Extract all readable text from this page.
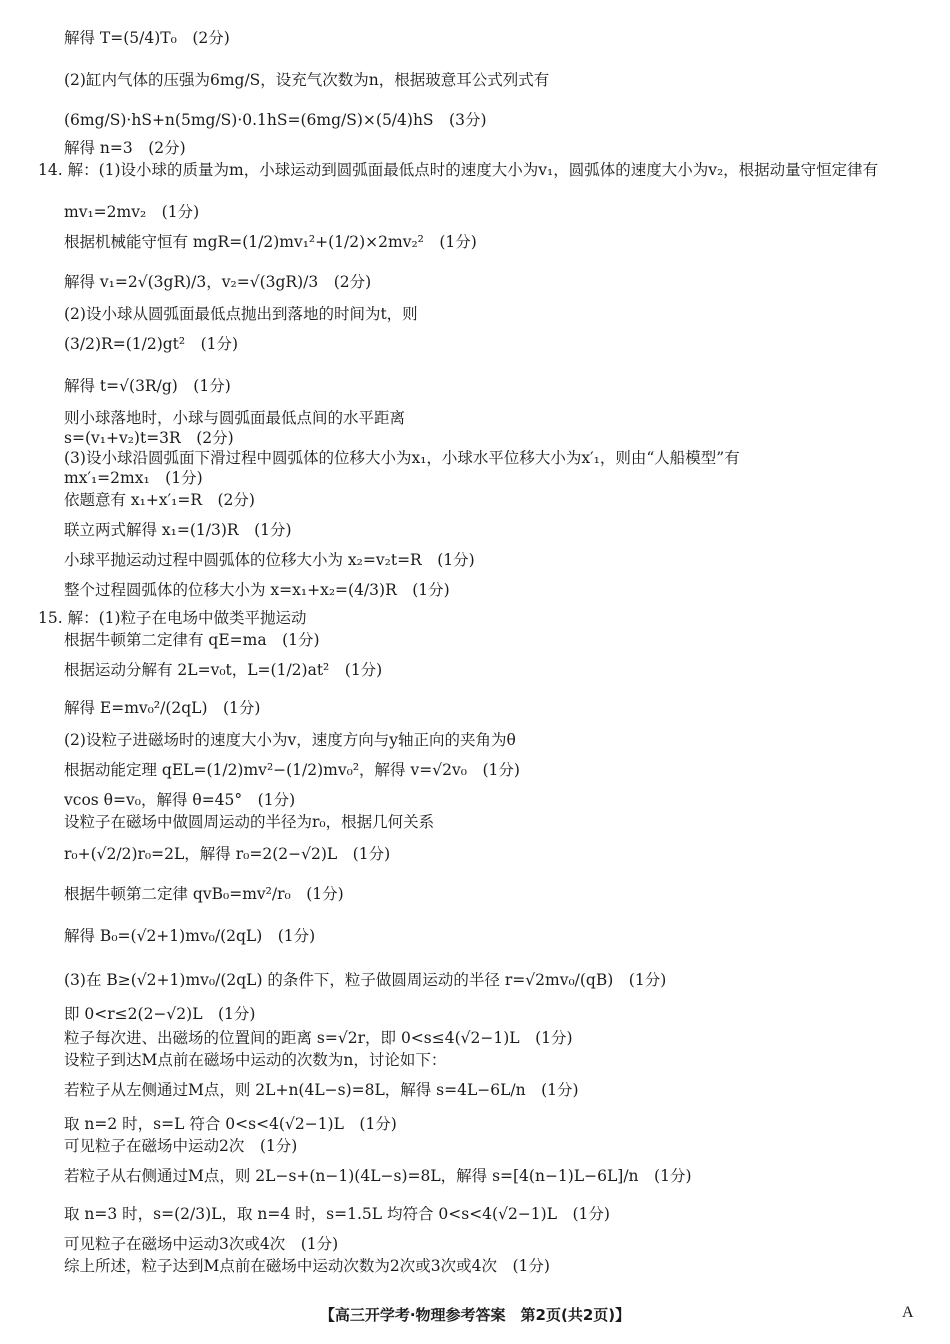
解得 T=(5/4)T₀　(2分)
(2)缸内气体的压强为6mg/S，设充气次数为n，根据玻意耳公式列式有
(6mg/S)·hS+n(5mg/S)·0.1hS=(6mg/S)×(5/4)hS　(3分)
解得 n=3　(2分)
14. 解：(1)设小球的质量为m，小球运动到圆弧面最低点时的速度大小为v₁，圆弧体的速度大小为v₂，根据动量守恒定律有
mv₁=2mv₂　(1分)
根据机械能守恒有 mgR=(1/2)mv₁²+(1/2)×2mv₂²　(1分)
解得 v₁=2√(3gR)/3，v₂=√(3gR)/3　(2分)
(2)设小球从圆弧面最低点抛出到落地的时间为t，则
(3/2)R=(1/2)gt²　(1分)
解得 t=√(3R/g)　(1分)
则小球落地时，小球与圆弧面最低点间的水平距离
s=(v₁+v₂)t=3R　(2分)
(3)设小球沿圆弧面下滑过程中圆弧体的位移大小为x₁，小球水平位移大小为x′₁，则由“人船模型”有
mx′₁=2mx₁　(1分)
依题意有 x₁+x′₁=R　(2分)
联立两式解得 x₁=(1/3)R　(1分)
小球平抛运动过程中圆弧体的位移大小为 x₂=v₂t=R　(1分)
整个过程圆弧体的位移大小为 x=x₁+x₂=(4/3)R　(1分)
15. 解：(1)粒子在电场中做类平抛运动
根据牛顿第二定律有 qE=ma　(1分)
根据运动分解有 2L=v₀t，L=(1/2)at²　(1分)
解得 E=mv₀²/(2qL)　(1分)
(2)设粒子进磁场时的速度大小为v，速度方向与y轴正向的夹角为θ
根据动能定理 qEL=(1/2)mv²−(1/2)mv₀²，解得 v=√2v₀　(1分)
vcos θ=v₀，解得 θ=45°　(1分)
设粒子在磁场中做圆周运动的半径为r₀，根据几何关系
r₀+(√2/2)r₀=2L，解得 r₀=2(2−√2)L　(1分)
根据牛顿第二定律 qvB₀=mv²/r₀　(1分)
解得 B₀=(√2+1)mv₀/(2qL)　(1分)
(3)在 B≥(√2+1)mv₀/(2qL) 的条件下，粒子做圆周运动的半径 r=√2mv₀/(qB)　(1分)
即 0<r≤2(2−√2)L　(1分)
粒子每次进、出磁场的位置间的距离 s=√2r，即 0<s≤4(√2−1)L　(1分)
设粒子到达M点前在磁场中运动的次数为n，讨论如下：
若粒子从左侧通过M点，则 2L+n(4L−s)=8L，解得 s=4L−6L/n　(1分)
取 n=2 时，s=L 符合 0<s<4(√2−1)L　(1分)
可见粒子在磁场中运动2次　(1分)
若粒子从右侧通过M点，则 2L−s+(n−1)(4L−s)=8L，解得 s=[4(n−1)L−6L]/n　(1分)
取 n=3 时，s=(2/3)L，取 n=4 时，s=1.5L 均符合 0<s<4(√2−1)L　(1分)
可见粒子在磁场中运动3次或4次　(1分)
综上所述，粒子达到M点前在磁场中运动次数为2次或3次或4次　(1分)
【高三开学考·物理参考答案　第2页(共2页)】	A
